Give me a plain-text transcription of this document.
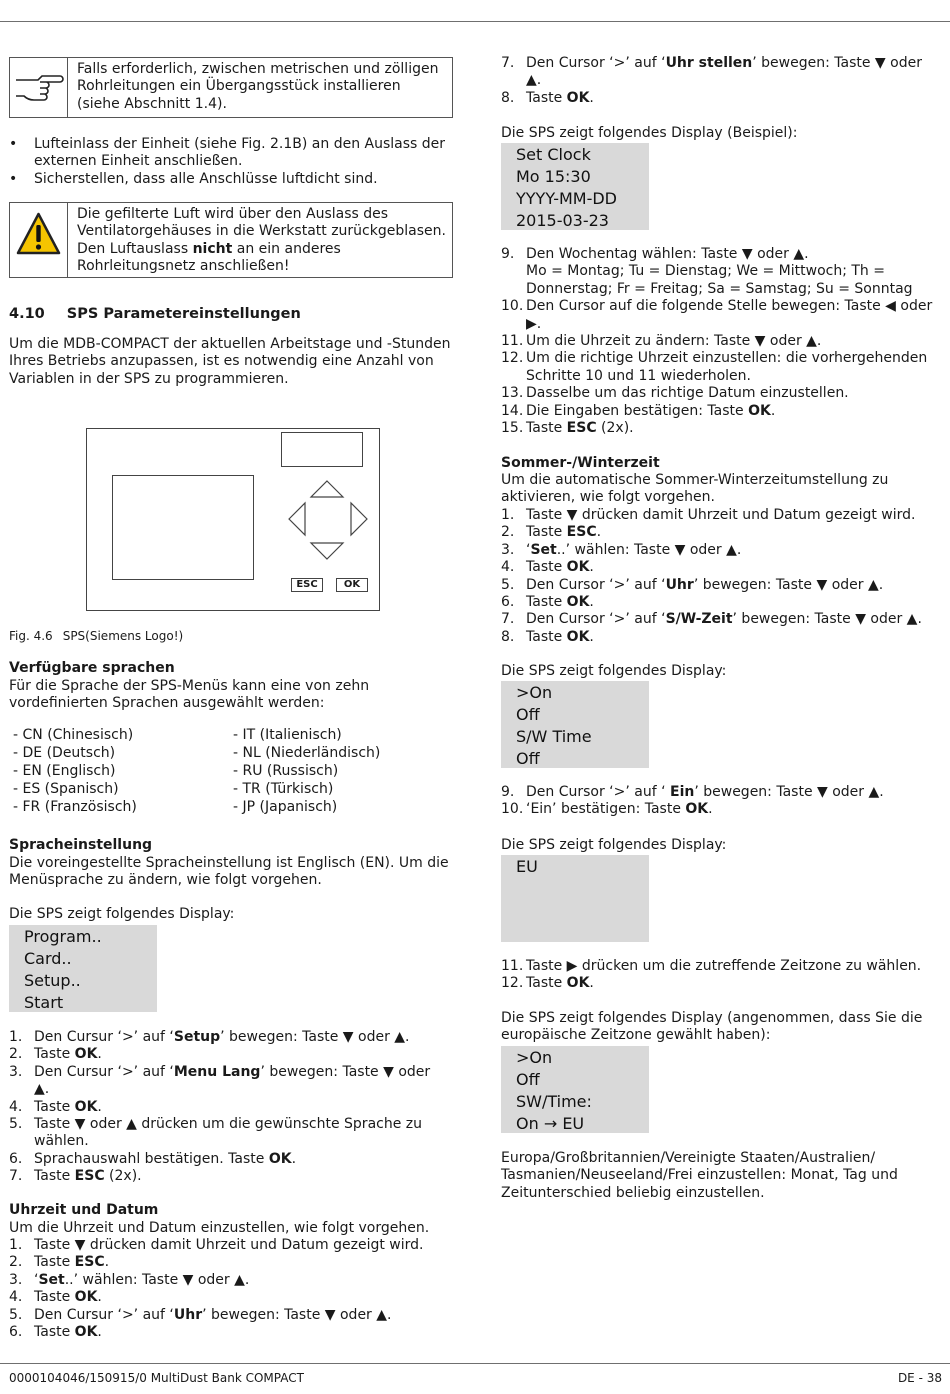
Falls erforderlich, zwischen metrischen und zölligen Rohrleitungen ein Übergangsstück installieren (siehe Abschnitt 1.4).
• Lufteinlass der Einheit (siehe Fig. 2.1B) an den Auslass der externen Einheit anschließen.
• Sicherstellen, dass alle Anschlüsse luftdicht sind.
Die gefilterte Luft wird über den Auslass des Ventilatorgehäuses in die Werkstatt zurückgeblasen. Den Luftauslass nicht an ein anderes Rohrleitungsnetz anschließen!
4.10 SPS Parametereinstellungen
Um die MDB-COMPACT der aktuellen Arbeitstage und -Stunden Ihres Betriebs anzupassen, ist es notwendig eine Anzahl von Variablen in der SPS zu programmieren.
ESC	OK
Fig. 4.6 SPS(Siemens Logo!)
Verfügbare sprachen
Für die Sprache der SPS-Menüs kann eine von zehn vordefinierten Sprachen ausgewählt werden:
- CN (Chinesisch)
- DE (Deutsch)
- EN (Englisch)
- ES (Spanisch)
- FR (Französisch)
- IT (Italienisch)
- NL (Niederländisch)
- RU (Russisch)
- TR (Türkisch)
- JP (Japanisch)
Spracheinstellung
Die voreingestellte Spracheinstellung ist Englisch (EN). Um die Menüsprache zu ändern, wie folgt vorgehen.
Die SPS zeigt folgendes Display:
Program..
Card..
Setup..
Start
1. Den Cursur ‘>’ auf ‘Setup’ bewegen: Taste ▼ oder ▲.
2. Taste OK.
3. Den Cursur ‘>’ auf ‘Menu Lang’ bewegen: Taste ▼ oder ▲.
4. Taste OK.
5. Taste ▼ oder ▲ drücken um die gewünschte Sprache zu wählen.
6. Sprachauswahl bestätigen. Taste OK.
7. Taste ESC (2x).
Uhrzeit und Datum
Um die Uhrzeit und Datum einzustellen, wie folgt vorgehen.
1. Taste ▼ drücken damit Uhrzeit und Datum gezeigt wird.
2. Taste ESC.
3. ‘Set..’ wählen: Taste ▼ oder ▲.
4. Taste OK.
5. Den Cursur ‘>’ auf ‘Uhr’ bewegen: Taste ▼ oder ▲.
6. Taste OK.
7. Den Cursor ‘>’ auf ‘Uhr stellen’ bewegen: Taste ▼ oder ▲.
8. Taste OK.
Die SPS zeigt folgendes Display (Beispiel):
Set Clock
Mo 15:30
YYYY-MM-DD
2015-03-23
9. Den Wochentag wählen: Taste ▼ oder ▲.
Mo = Montag; Tu = Dienstag; We = Mittwoch; Th = Donnerstag; Fr = Freitag; Sa = Samstag; Su = Sonntag
10. Den Cursor auf die folgende Stelle bewegen: Taste ◀ oder ▶.
11. Um die Uhrzeit zu ändern: Taste ▼ oder ▲.
12. Um die richtige Uhrzeit einzustellen: die vorhergehenden Schritte 10 und 11 wiederholen.
13. Dasselbe um das richtige Datum einzustellen.
14. Die Eingaben bestätigen: Taste OK.
15. Taste ESC (2x).
Sommer-/Winterzeit
Um die automatische Sommer-Winterzeitumstellung zu aktivieren, wie folgt vorgehen.
1. Taste ▼ drücken damit Uhrzeit und Datum gezeigt wird.
2. Taste ESC.
3. ‘Set..’ wählen: Taste ▼ oder ▲.
4. Taste OK.
5. Den Cursor ‘>’ auf ‘Uhr’ bewegen: Taste ▼ oder ▲.
6. Taste OK.
7. Den Cursor ‘>’ auf ‘S/W-Zeit’ bewegen: Taste ▼ oder ▲.
8. Taste OK.
Die SPS zeigt folgendes Display:
>On
Off
S/W Time
Off
9. Den Cursor ‘>’ auf ‘ Ein’ bewegen: Taste ▼ oder ▲.
10. ‘Ein’ bestätigen: Taste OK.
Die SPS zeigt folgendes Display:
EU
11. Taste ▶ drücken um die zutreffende Zeitzone zu wählen.
12. Taste OK.
Die SPS zeigt folgendes Display (angenommen, dass Sie die europäische Zeitzone gewählt haben):
>On
Off
SW/Time:
On → EU
Europa/Großbritannien/Vereinigte Staaten/Australien/ Tasmanien/Neuseeland/Frei einzustellen: Monat, Tag und Zeitunterschied beliebig einzustellen.
0000104046/150915/0 MultiDust Bank COMPACT	DE - 38
